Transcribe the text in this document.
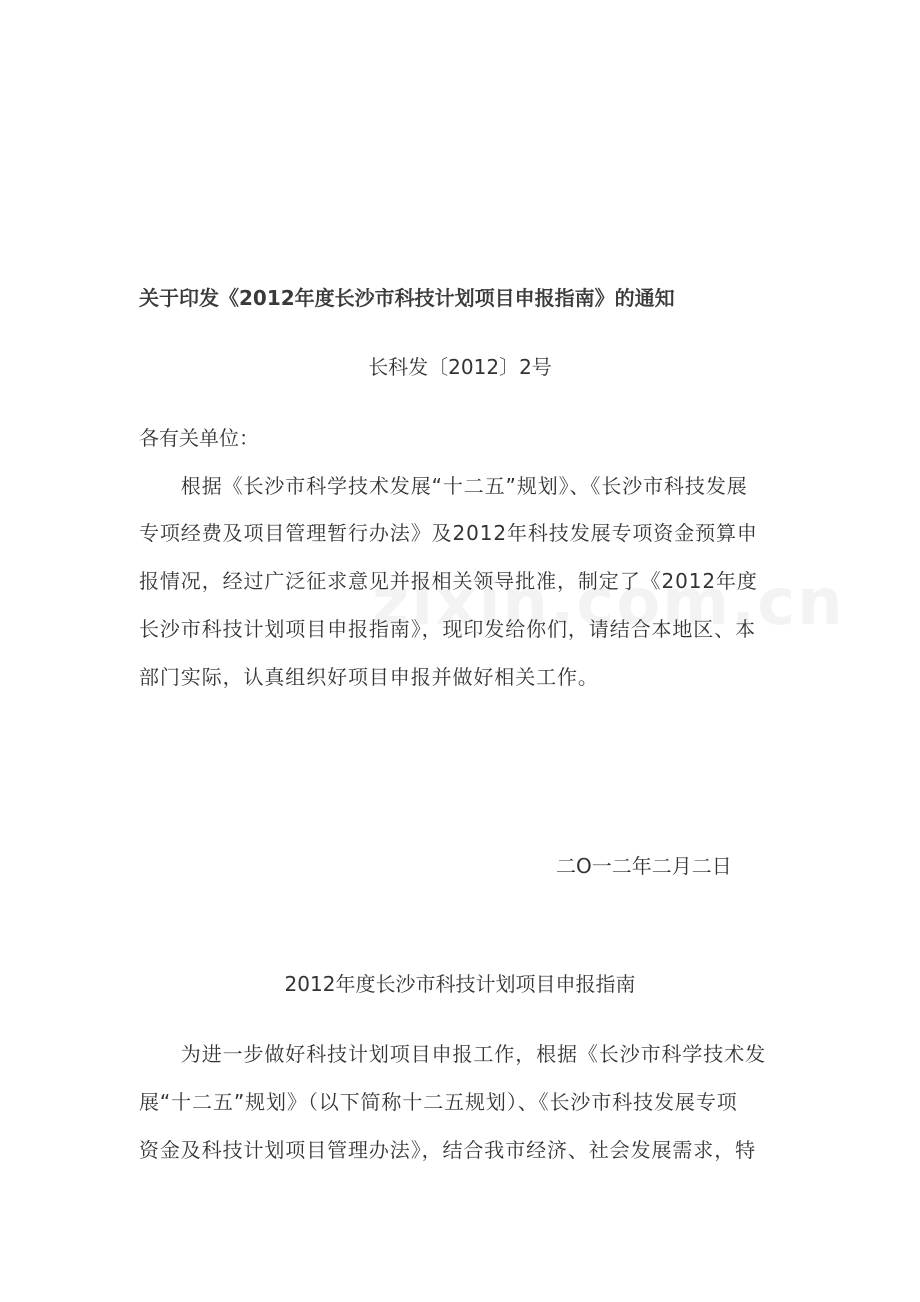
关于印发《2012年度长沙市科技计划项目申报指南》的通知
长科发〔2012〕2号
各有关单位：
　　根据《长沙市科学技术发展“十二五”规划》、《长沙市科技发展
专项经费及项目管理暂行办法》及2012年科技发展专项资金预算申
报情况，经过广泛征求意见并报相关领导批准，制定了《2012年度
长沙市科技计划项目申报指南》，现印发给你们，请结合本地区、本
部门实际，认真组织好项目申报并做好相关工作。
二O一二年二月二日
2012年度长沙市科技计划项目申报指南
　　为进一步做好科技计划项目申报工作，根据《长沙市科学技术发
展“十二五”规划》（以下简称十二五规划）、《长沙市科技发展专项
资金及科技计划项目管理办法》，结合我市经济、社会发展需求，特
